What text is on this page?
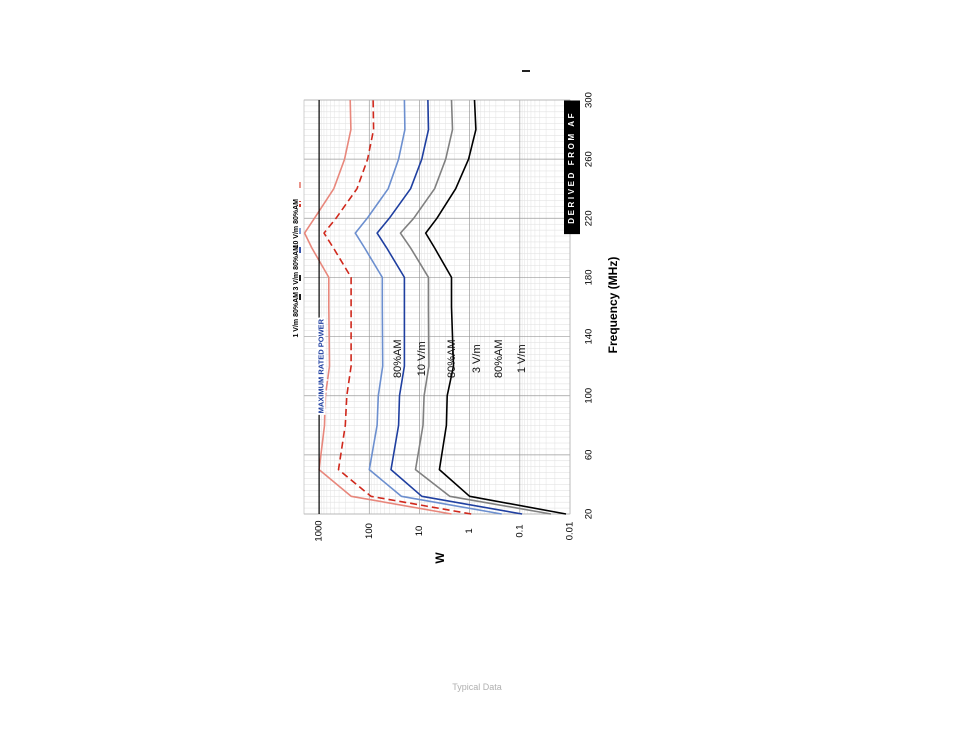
80%AM 10 V/m 80%AM 3 V/m 80%AM 1 V/m
MAXIMUM RATED POWER
1 V/m 80%AM
3 V/m 80%AM
10 V/m 80%AM	DERIVED FROM AF
20
60
100
140
180
220
260
300
0.01
0.1
1
10
100
1000
Frequency (MHz)
W
Typical Data
